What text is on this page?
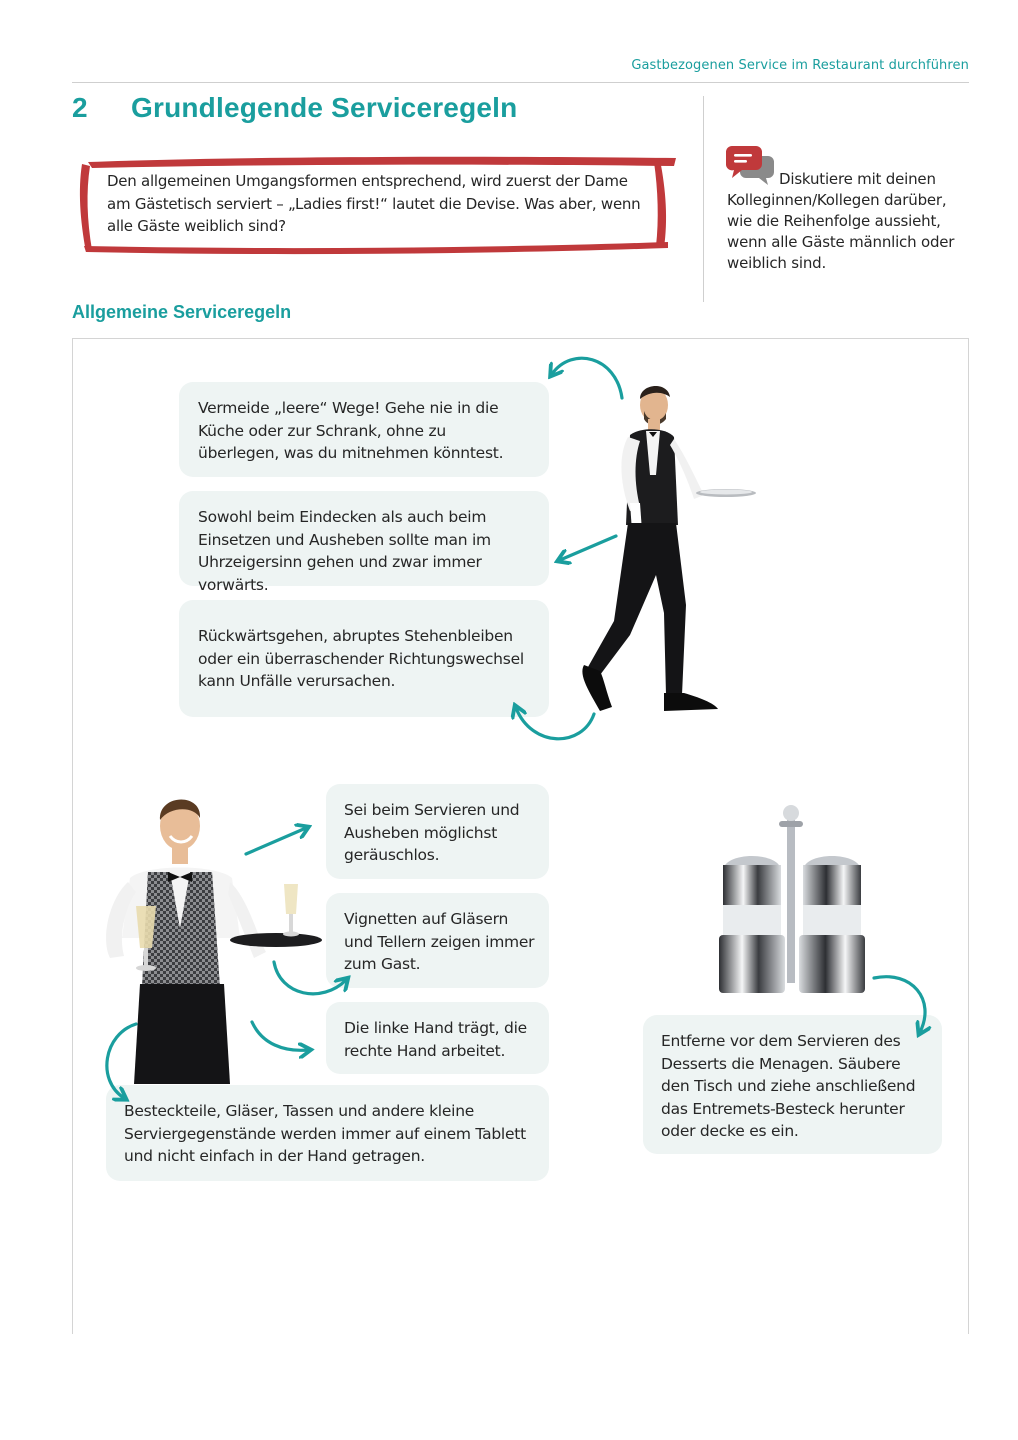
Gastbezogenen Service im Restaurant durchführen
2 Grundlegende Serviceregeln
Den allgemeinen Umgangsformen entsprechend, wird zuerst der Dame am Gästetisch serviert – „Ladies first!“ lautet die Devise. Was aber, wenn alle Gäste weiblich sind?
Diskutiere mit deinen Kolleginnen/Kollegen darüber, wie die Reihenfolge aussieht, wenn alle Gäste männlich oder weiblich sind.
Allgemeine Serviceregeln
Vermeide „leere“ Wege! Gehe nie in die Küche oder zur Schrank, ohne zu überlegen, was du mitnehmen könntest.
Sowohl beim Eindecken als auch beim Einsetzen und Ausheben sollte man im Uhrzeigersinn gehen und zwar immer vorwärts.
Rückwärtsgehen, abruptes Stehenbleiben oder ein überraschender Richtungswechsel kann Unfälle verursachen.
Sei beim Servieren und Ausheben möglichst geräuschlos.
Vignetten auf Gläsern und Tellern zeigen immer zum Gast.
Die linke Hand trägt, die rechte Hand arbeitet.
Besteckteile, Gläser, Tassen und andere kleine Serviergegenstände werden immer auf einem Tablett und nicht einfach in der Hand getragen.
Entferne vor dem Servieren des Desserts die Menagen. Säubere den Tisch und ziehe anschließend das Entremets-Besteck herunter oder decke es ein.
